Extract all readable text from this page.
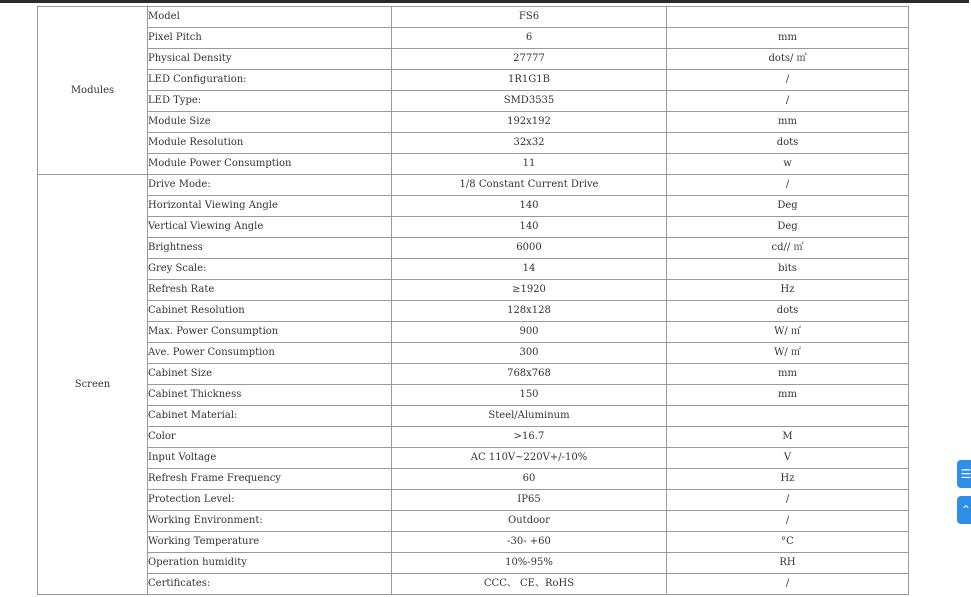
Modules	Model	FS6	
	Pixel Pitch	6	mm
	Physical Density	27777	dots/ ㎡
	LED Configuration:	1R1G1B	/
	LED Type:	SMD3535	/
	Module Size	192x192	mm
	Module Resolution	32x32	dots
	Module Power Consumption	11	w
Screen	Drive Mode:	1/8 Constant Current Drive	/
	Horizontal Viewing Angle	140	Deg
	Vertical Viewing Angle	140	Deg
	Brightness	6000	cd// ㎡
	Grey Scale:	14	bits
	Refresh Rate	≥1920	Hz
	Cabinet Resolution	128x128	dots
	Max. Power Consumption	900	W/ ㎡
	Ave. Power Consumption	300	W/ ㎡
	Cabinet Size	768x768	mm
	Cabinet Thickness	150	mm
	Cabinet Material:	Steel/Aluminum	
	Color	>16.7	M
	Input Voltage	AC 110V~220V+/-10%	V
	Refresh Frame Frequency	60	Hz
	Protection Level:	IP65	/
	Working Environment:	Outdoor	/
	Working Temperature	-30- +60	°C
	Operation humidity	10%-95%	RH
	Certificates:	CCC、 CE、RoHS	/
☰
⌃
